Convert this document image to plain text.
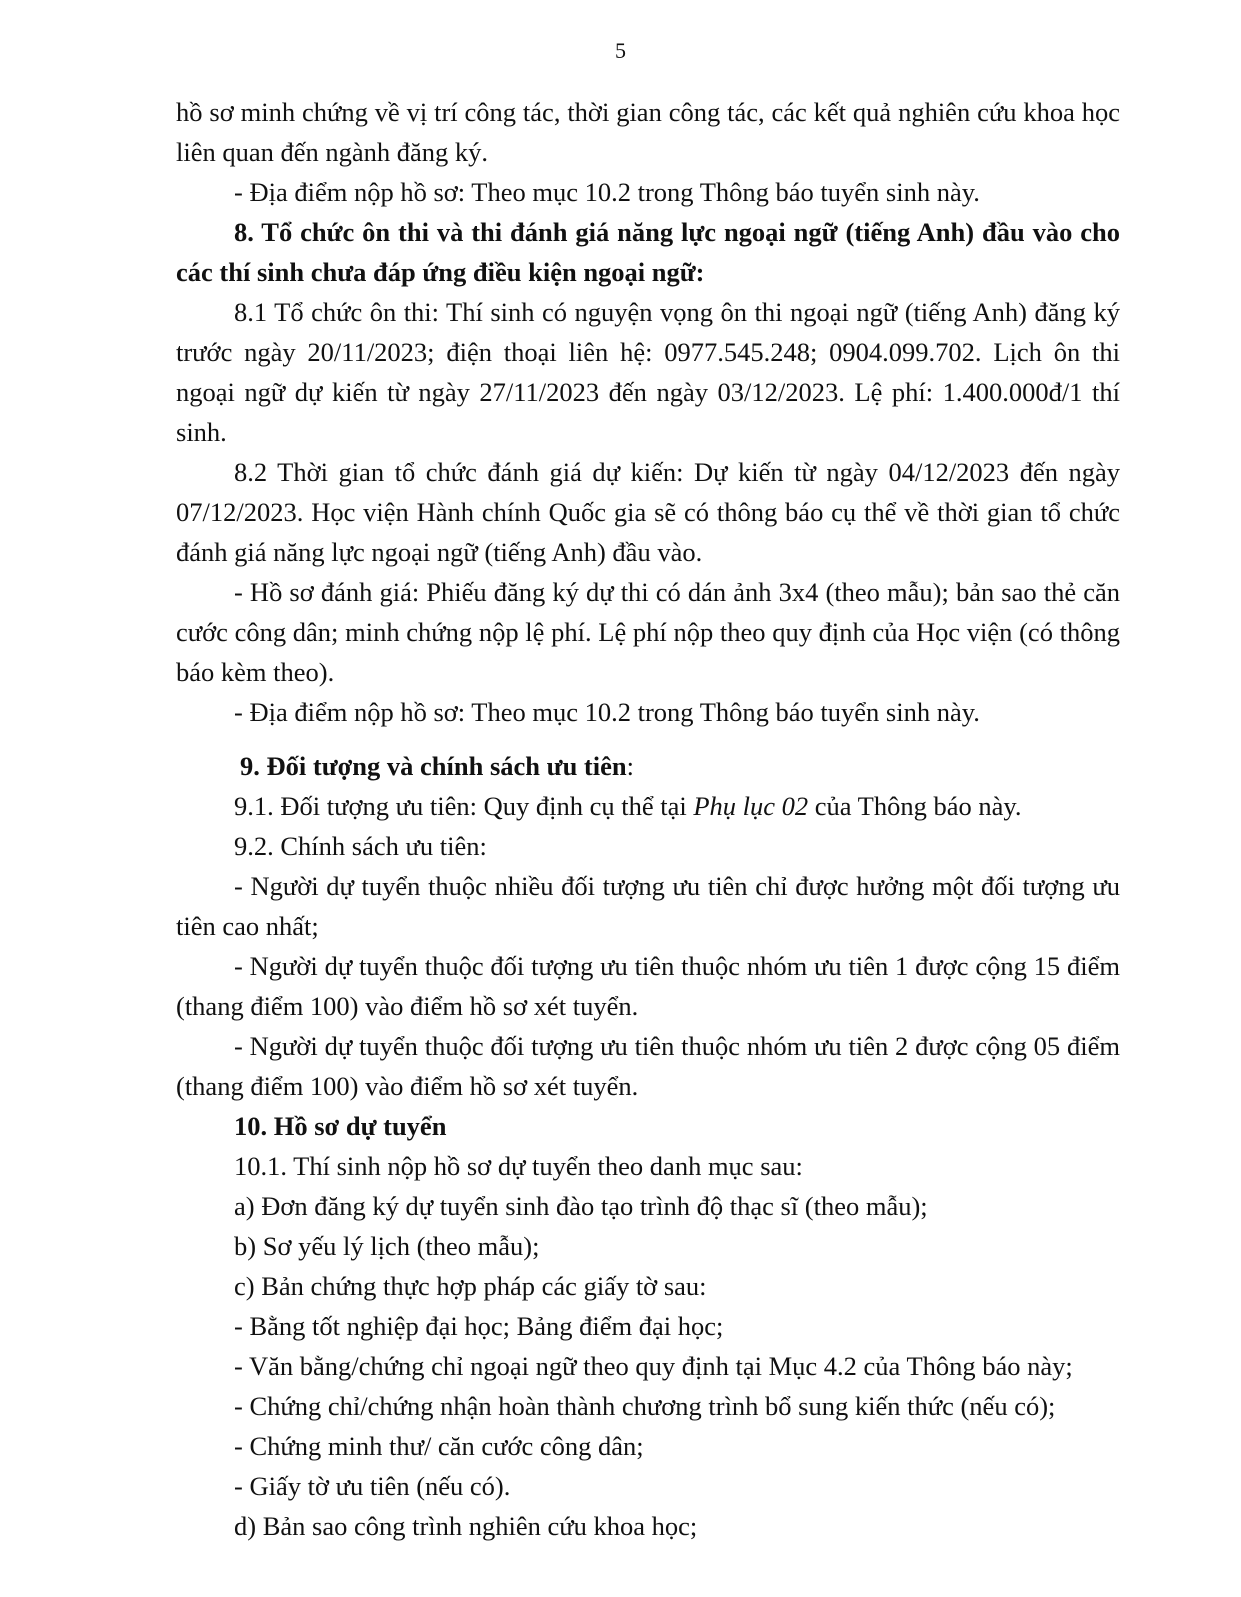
5

hồ sơ minh chứng về vị trí công tác, thời gian công tác, các kết quả nghiên cứu khoa học liên quan đến ngành đăng ký.

- Địa điểm nộp hồ sơ: Theo mục 10.2 trong Thông báo tuyển sinh này.

8. Tổ chức ôn thi và thi đánh giá năng lực ngoại ngữ (tiếng Anh) đầu vào cho các thí sinh chưa đáp ứng điều kiện ngoại ngữ:

8.1 Tổ chức ôn thi: Thí sinh có nguyện vọng ôn thi ngoại ngữ (tiếng Anh) đăng ký trước ngày 20/11/2023; điện thoại liên hệ: 0977.545.248; 0904.099.702. Lịch ôn thi ngoại ngữ dự kiến từ ngày 27/11/2023 đến ngày 03/12/2023. Lệ phí: 1.400.000đ/1 thí sinh.

8.2 Thời gian tổ chức đánh giá dự kiến: Dự kiến từ ngày 04/12/2023 đến ngày 07/12/2023. Học viện Hành chính Quốc gia sẽ có thông báo cụ thể về thời gian tổ chức đánh giá năng lực ngoại ngữ (tiếng Anh) đầu vào.

- Hồ sơ đánh giá: Phiếu đăng ký dự thi có dán ảnh 3x4 (theo mẫu); bản sao thẻ căn cước công dân; minh chứng nộp lệ phí. Lệ phí nộp theo quy định của Học viện (có thông báo kèm theo).

- Địa điểm nộp hồ sơ: Theo mục 10.2 trong Thông báo tuyển sinh này.

9. Đối tượng và chính sách ưu tiên:

9.1. Đối tượng ưu tiên: Quy định cụ thể tại Phụ lục 02 của Thông báo này.

9.2. Chính sách ưu tiên:

- Người dự tuyển thuộc nhiều đối tượng ưu tiên chỉ được hưởng một đối tượng ưu tiên cao nhất;

- Người dự tuyển thuộc đối tượng ưu tiên thuộc nhóm ưu tiên 1 được cộng 15 điểm (thang điểm 100) vào điểm hồ sơ xét tuyển.

- Người dự tuyển thuộc đối tượng ưu tiên thuộc nhóm ưu tiên 2 được cộng 05 điểm (thang điểm 100) vào điểm hồ sơ xét tuyển.

10. Hồ sơ dự tuyển

10.1. Thí sinh nộp hồ sơ dự tuyển theo danh mục sau:

a) Đơn đăng ký dự tuyển sinh đào tạo trình độ thạc sĩ (theo mẫu);

b) Sơ yếu lý lịch (theo mẫu);

c) Bản chứng thực hợp pháp các giấy tờ sau:

- Bằng tốt nghiệp đại học; Bảng điểm đại học;

- Văn bằng/chứng chỉ ngoại ngữ theo quy định tại Mục 4.2 của Thông báo này;

- Chứng chỉ/chứng nhận hoàn thành chương trình bổ sung kiến thức (nếu có);

- Chứng minh thư/ căn cước công dân;

- Giấy tờ ưu tiên (nếu có).

d) Bản sao công trình nghiên cứu khoa học;
